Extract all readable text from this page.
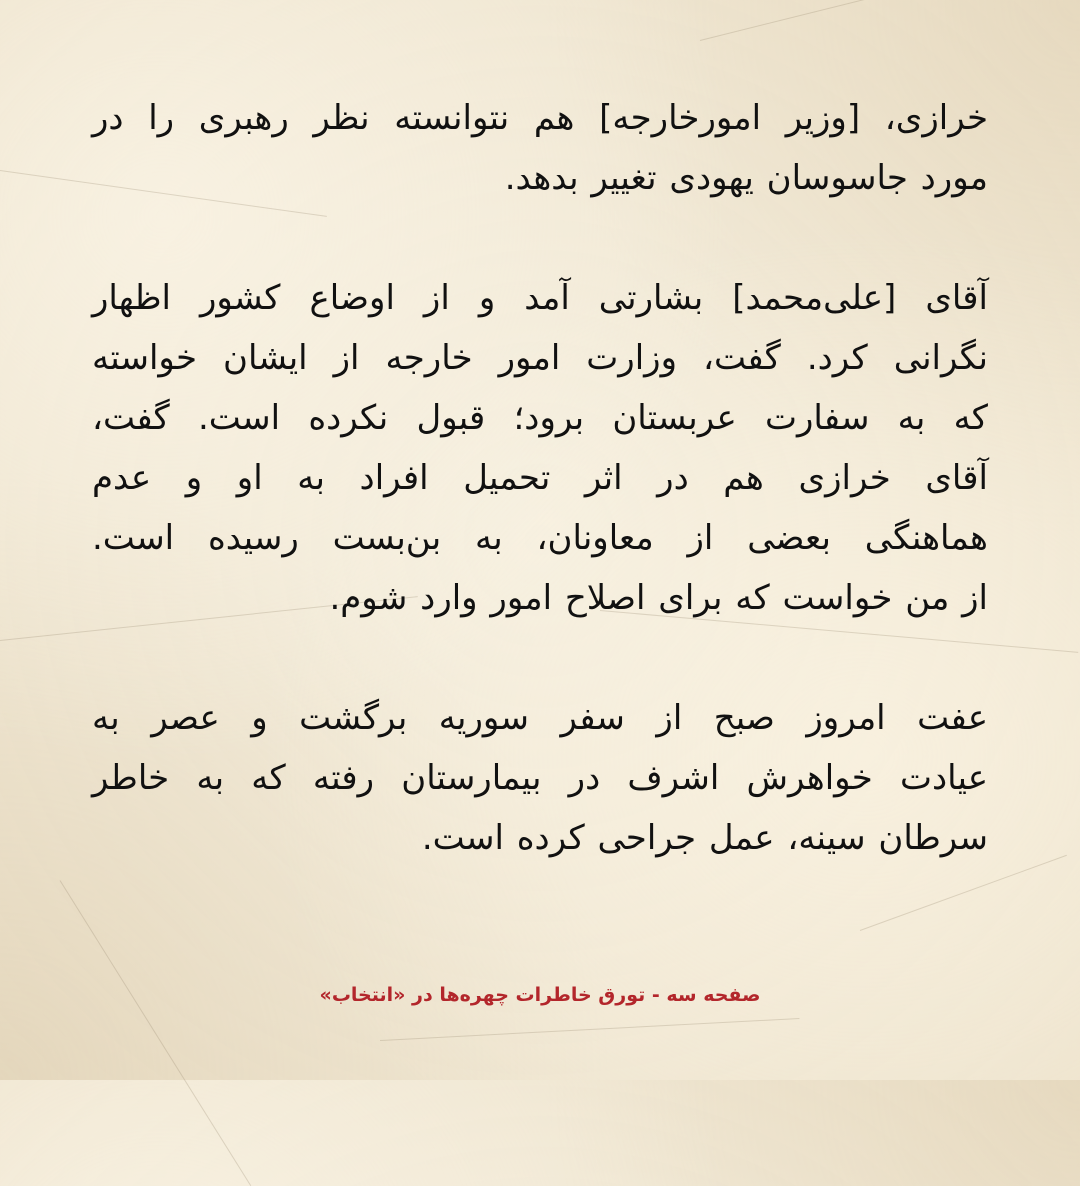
خرازی، [وزیر امورخارجه] هم نتوانسته نظر رهبری را در
مورد جاسوسان یهودی تغییر بدهد.

آقای [علی‌محمد] بشارتی آمد و از اوضاع کشور اظهار
نگرانی کرد. گفت، وزارت امور خارجه از ایشان خواسته
که به سفارت عربستان برود؛ قبول نکرده است. گفت،
آقای خرازی هم در اثر تحمیل افراد به او و عدم
هماهنگی بعضی از معاونان، به بن‌بست رسیده است.
از من خواست که برای اصلاح امور وارد شوم.

عفت امروز صبح از سفر سوریه برگشت و عصر به
عیادت خواهرش اشرف در بیمارستان رفته که به خاطر
سرطان سینه، عمل جراحی کرده است.

صفحه سه - تورق خاطرات چهره‌ها در «انتخاب»
